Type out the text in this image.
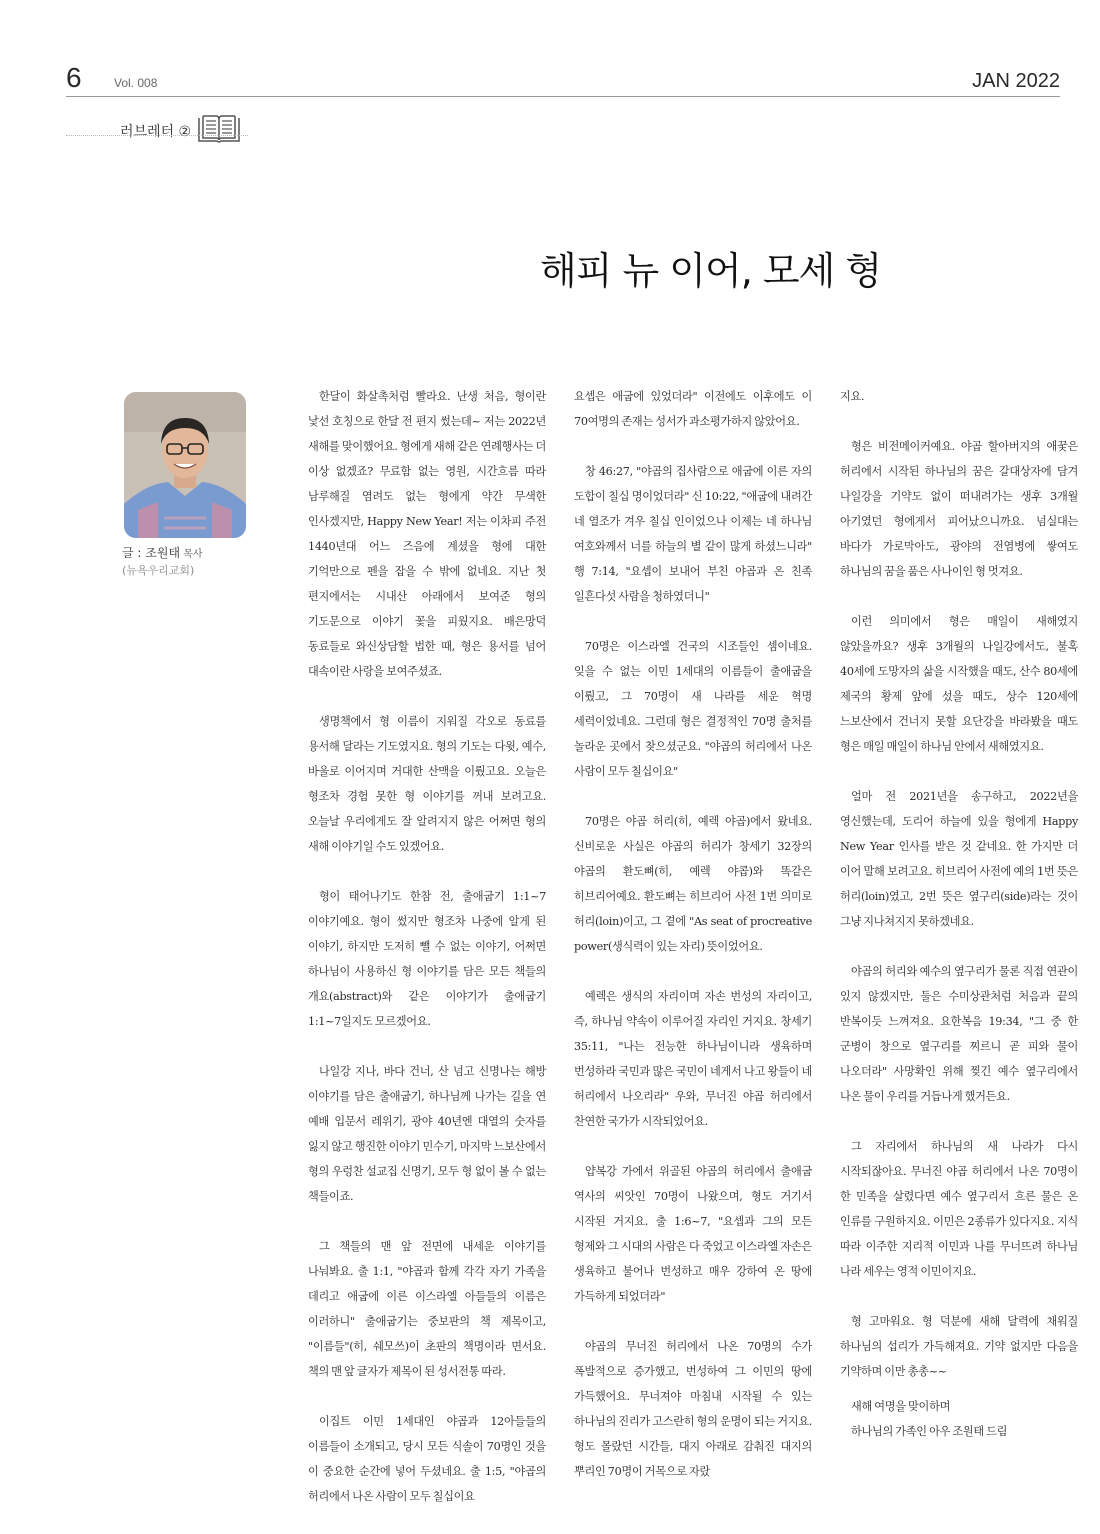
6	Vol. 008	JAN 2022
러브레터 ②
해피 뉴 이어, 모세 형
글 : 조원태 목사
(뉴욕우리교회)

한달이 화살촉처럼 빨라요. 난생 처음, 형이란 낯선 호칭으로 한달 전 편지 썼는데~ 저는 2022년 새해를 맞이했어요. 형에게 새해 같은 연례행사는 더 이상 없겠죠? 무료함 없는 영원, 시간흐름 따라 남루해질 염려도 없는 형에게 약간 무색한 인사겠지만, Happy New Year! 저는 이차피 주전 1440년대 어느 즈음에 계셨을 형에 대한 기억만으로 펜을 잡을 수 밖에 없네요. 지난 첫 편지에서는 시내산 아래에서 보여준 형의 기도문으로 이야기 꽃을 피웠지요. 배은망덕 동료들로 와신상담할 법한 때, 형은 용서를 넘어 대속이란 사랑을 보여주셨죠.

생명책에서 형 이름이 지워질 각오로 동료를 용서해 달라는 기도였지요. 형의 기도는 다윗, 예수, 바울로 이어지며 거대한 산맥을 이뤘고요. 오늘은 형조차 경험 못한 형 이야기를 꺼내 보려고요. 오늘날 우리에게도 잘 알려지지 않은 어쩌면 형의 새해 이야기일 수도 있겠어요.

형이 태어나기도 한참 전, 출애굽기 1:1~7 이야기예요. 형이 썼지만 형조차 나중에 알게 된 이야기, 하지만 도저히 뺄 수 없는 이야기, 어쩌면 하나님이 사용하신 형 이야기를 담은 모든 책들의 개요(abstract)와 같은 이야기가 출애굽기 1:1~7일지도 모르겠어요.

나일강 지나, 바다 건너, 산 넘고 신명나는 해방 이야기를 담은 출애굽기, 하나님께 나가는 길을 연 예배 입문서 레위기, 광야 40년엔 대열의 숫자를 잃지 않고 행진한 이야기 민수기, 마지막 느보산에서 형의 우렁찬 설교집 신명기, 모두 형 없이 볼 수 없는 책들이죠.

그 책들의 맨 앞 전면에 내세운 이야기를 나눠봐요. 출 1:1, "야곱과 함께 각각 자기 가족을 데리고 애굽에 이른 이스라엘 아들들의 이름은 이러하니" 출애굽기는 중보판의 책 제목이고, "이름들"(히, 쉐모쓰)이 초판의 책명이라 면서요. 책의 맨 앞 글자가 제목이 된 성서전통 따라.

이집트 이민 1세대인 야곱과 12아들들의 이름들이 소개되고, 당시 모든 식솔이 70명인 것을 이 중요한 순간에 넣어 두셨네요. 출 1:5, "야곱의 허리에서 나온 사람이 모두 칠십이요

요셉은 애굽에 있었더라" 이전에도 이후에도 이 70여명의 존재는 성서가 과소평가하지 않았어요.

창 46:27, "야곱의 집사람으로 애굽에 이른 자의 도합이 칠십 명이었더라" 신 10:22, "애굽에 내려간 네 열조가 겨우 칠십 인이었으나 이제는 네 하나님 여호와께서 너를 하늘의 별 같이 많게 하셨느니라" 행 7:14, "요셉이 보내어 부친 야곱과 온 친족 일흔다섯 사람을 청하였더니"

70명은 이스라엘 건국의 시조들인 셈이네요. 잊을 수 없는 이민 1세대의 이름들이 출애굽을 이뤘고, 그 70명이 새 나라를 세운 혁명 세력이었네요. 그런데 형은 결정적인 70명 출처를 놀라운 곳에서 찾으셨군요. "야곱의 허리에서 나온 사람이 모두 칠십이요"

70명은 야곱 허리(히, 예렉 야곱)에서 왔네요. 신비로운 사실은 야곱의 허리가 창세기 32장의 야곱의 환도뼈(히, 예렉 야콥)와 똑같은 히브리어예요. 환도뼈는 히브리어 사전 1번 의미로 허리(loin)이고, 그 곁에 "As seat of procreative power(생식력이 있는 자리) 뜻이었어요.

예렉은 생식의 자리이며 자손 번성의 자리이고, 즉, 하나님 약속이 이루어질 자리인 거지요. 창세기 35:11, "나는 전능한 하나님이니라 생육하며 번성하라 국민과 많은 국민이 네게서 나고 왕들이 네 허리에서 나오리라" 우와, 무너진 야곱 허리에서 찬연한 국가가 시작되었어요.

얍복강 가에서 위골된 야곱의 허리에서 출애굽 역사의 씨앗인 70명이 나왔으며, 형도 거기서 시작된 거지요. 출 1:6~7, "요셉과 그의 모든 형제와 그 시대의 사람은 다 죽었고 이스라엘 자손은 생육하고 불어나 번성하고 매우 강하여 온 땅에 가득하게 되었더라"

야곱의 무너진 허리에서 나온 70명의 수가 폭발적으로 증가했고, 번성하여 그 이민의 땅에 가득했어요. 무너져야 마침내 시작될 수 있는 하나님의 진리가 고스란히 형의 운명이 되는 거지요. 형도 몰랐던 시간들, 대지 아래로 감춰진 대지의 뿌리인 70명이 거목으로 자랐

지요.

형은 비전메이커예요. 야곱 할아버지의 애꿎은 허리에서 시작된 하나님의 꿈은 갈대상자에 담겨 나일강을 기약도 없이 떠내려가는 생후 3개월 아기였던 형에게서 피어났으니까요. 넘실대는 바다가 가로막아도, 광야의 전염병에 쌓여도 하나님의 꿈을 품은 사나이인 형 멋져요.

이런 의미에서 형은 매일이 새해였지 않았을까요? 생후 3개월의 나일강에서도, 불혹 40세에 도망자의 삶을 시작했을 때도, 산수 80세에 제국의 황제 앞에 섰을 때도, 상수 120세에 느보산에서 건너지 못할 요단강을 바라봤을 때도 형은 매일 매일이 하나님 안에서 새해였지요.

얼마 전 2021년을 송구하고, 2022년을 영신했는데, 도리어 하늘에 있을 형에게 Happy New Year 인사를 받은 것 같네요. 한 가지만 더 이어 말해 보려고요. 히브리어 사전에 예의 1번 뜻은 허리(loin)였고, 2번 뜻은 옆구리(side)라는 것이 그냥 지나쳐지지 못하겠네요.

야곱의 허리와 예수의 옆구리가 물론 직접 연관이 있지 않겠지만, 둘은 수미상관처럼 처음과 끝의 반복이듯 느껴져요. 요한복음 19:34, "그 중 한 군병이 창으로 옆구리를 찌르니 곧 피와 물이 나오더라" 사망확인 위해 찢긴 예수 옆구리에서 나온 물이 우리를 거듭나게 했거든요.

그 자리에서 하나님의 새 나라가 다시 시작되잖아요. 무너진 야곱 허리에서 나온 70명이 한 민족을 살렸다면 예수 옆구리서 흐른 물은 온 인류를 구원하지요. 이민은 2종류가 있다지요. 지식 따라 이주한 지리적 이민과 나를 무너뜨려 하나님 나라 세우는 영적 이민이지요.

형 고마워요. 형 덕분에 새해 달력에 채워질 하나님의 섭리가 가득해져요. 기약 없지만 다음을 기약하며 이만 총총~~

새해 여명을 맞이하며

하나님의 가족인 아우 조원태 드림
